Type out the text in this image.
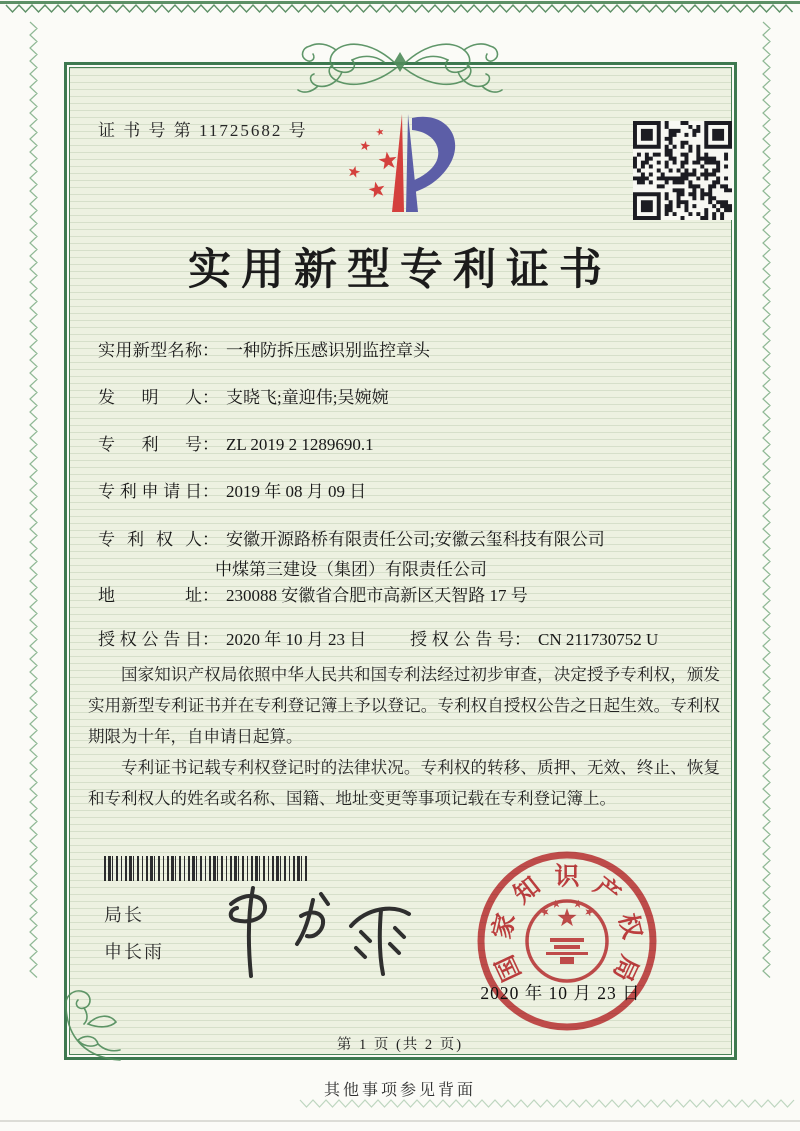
证 书 号 第 11725682 号
实用新型专利证书
实用新型名称： 一种防拆压感识别监控章头
发明人： 支晓飞;童迎伟;吴婉婉
专利号： ZL 2019 2 1289690.1
专利申请日： 2019 年 08 月 09 日
专利权人： 安徽开源路桥有限责任公司;安徽云玺科技有限公司
中煤第三建设（集团）有限责任公司
地址： 230088 安徽省合肥市高新区天智路 17 号
授权公告日： 2020 年 10 月 23 日	授权公告号： CN 211730752 U

国家知识产权局依照中华人民共和国专利法经过初步审查，决定授予专利权，颁发实用新型专利证书并在专利登记簿上予以登记。专利权自授权公告之日起生效。专利权期限为十年，自申请日起算。

专利证书记载专利权登记时的法律状况。专利权的转移、质押、无效、终止、恢复和专利权人的姓名或名称、国籍、地址变更等事项记载在专利登记簿上。

局长
申长雨	国
家
知 识 产
权
局
2020 年 10 月 23 日
第 1 页 (共 2 页)
其他事项参见背面
